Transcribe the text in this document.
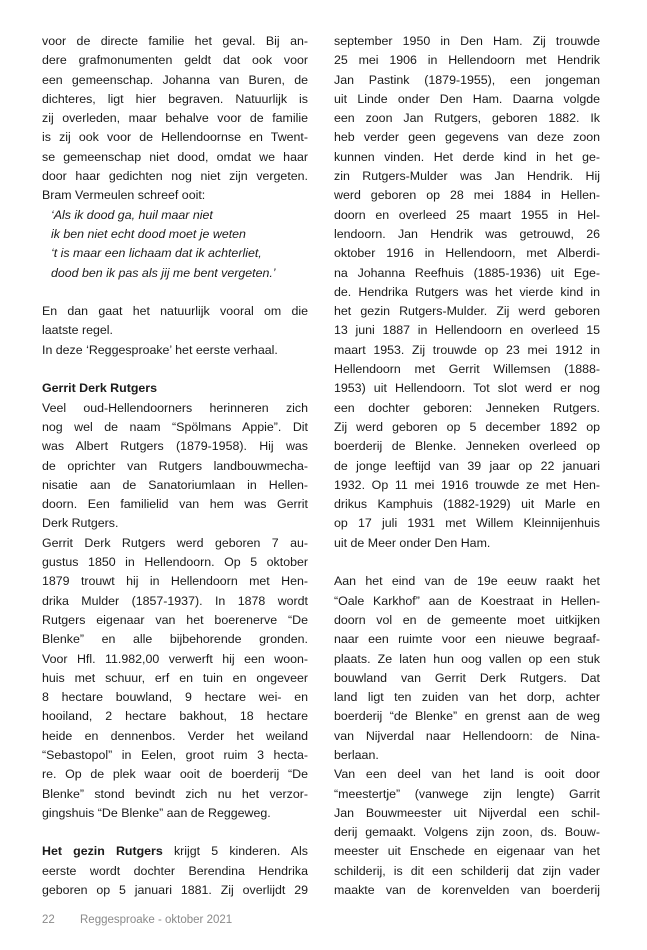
voor de directe familie het geval. Bij an-
dere grafmonumenten geldt dat ook voor
een gemeenschap. Johanna van Buren, de
dichteres, ligt hier begraven. Natuurlijk is
zij overleden, maar behalve voor de familie
is zij ook voor de Hellendoornse en Twent-
se gemeenschap niet dood, omdat we haar
door haar gedichten nog niet zijn vergeten.
Bram Vermeulen schreef ooit:
‘Als ik dood ga, huil maar niet
ik ben niet echt dood moet je weten
‘t is maar een lichaam dat ik achterliet,
dood ben ik pas als jij me bent vergeten.’
En dan gaat het natuurlijk vooral om die
laatste regel.
In deze ‘Reggesproake’ het eerste verhaal.
Gerrit Derk Rutgers
Veel oud-Hellendoorners herinneren zich
nog wel de naam “Spölmans Appie”. Dit
was Albert Rutgers (1879-1958). Hij was
de oprichter van Rutgers landbouwmecha-
nisatie aan de Sanatoriumlaan in Hellen-
doorn. Een familielid van hem was Gerrit
Derk Rutgers.
Gerrit Derk Rutgers werd geboren 7 au-
gustus 1850 in Hellendoorn. Op 5 oktober
1879 trouwt hij in Hellendoorn met Hen-
drika Mulder (1857-1937). In 1878 wordt
Rutgers eigenaar van het boerenerve “De
Blenke” en alle bijbehorende gronden.
Voor Hfl. 11.982,00 verwerft hij een woon-
huis met schuur, erf en tuin en ongeveer
8 hectare bouwland, 9 hectare wei- en
hooiland, 2 hectare bakhout, 18 hectare
heide en dennenbos. Verder het weiland
“Sebastopol” in Eelen, groot ruim 3 hecta-
re. Op de plek waar ooit de boerderij “De
Blenke” stond bevindt zich nu het verzor-
gingshuis “De Blenke” aan de Reggeweg.
Het gezin Rutgers krijgt 5 kinderen. Als
eerste wordt dochter Berendina Hendrika
geboren op 5 januari 1881. Zij overlijdt 29
september 1950 in Den Ham. Zij trouwde
25 mei 1906 in Hellendoorn met Hendrik
Jan Pastink (1879-1955), een jongeman
uit Linde onder Den Ham. Daarna volgde
een zoon Jan Rutgers, geboren 1882. Ik
heb verder geen gegevens van deze zoon
kunnen vinden. Het derde kind in het ge-
zin Rutgers-Mulder was Jan Hendrik. Hij
werd geboren op 28 mei 1884 in Hellen-
doorn en overleed 25 maart 1955 in Hel-
lendoorn. Jan Hendrik was getrouwd, 26
oktober 1916 in Hellendoorn, met Alberdi-
na Johanna Reefhuis (1885-1936) uit Ege-
de. Hendrika Rutgers was het vierde kind in
het gezin Rutgers-Mulder. Zij werd geboren
13 juni 1887 in Hellendoorn en overleed 15
maart 1953. Zij trouwde op 23 mei 1912 in
Hellendoorn met Gerrit Willemsen (1888-
1953) uit Hellendoorn. Tot slot werd er nog
een dochter geboren: Jenneken Rutgers.
Zij werd geboren op 5 december 1892 op
boerderij de Blenke. Jenneken overleed op
de jonge leeftijd van 39 jaar op 22 januari
1932. Op 11 mei 1916 trouwde ze met Hen-
drikus Kamphuis (1882-1929) uit Marle en
op 17 juli 1931 met Willem Kleinnijenhuis
uit de Meer onder Den Ham.
Aan het eind van de 19e eeuw raakt het
“Oale Karkhof” aan de Koestraat in Hellen-
doorn vol en de gemeente moet uitkijken
naar een ruimte voor een nieuwe begraaf-
plaats. Ze laten hun oog vallen op een stuk
bouwland van Gerrit Derk Rutgers. Dat
land ligt ten zuiden van het dorp, achter
boerderij “de Blenke” en grenst aan de weg
van Nijverdal naar Hellendoorn: de Nina-
berlaan.
Van een deel van het land is ooit door
“meestertje” (vanwege zijn lengte) Garrit
Jan Bouwmeester uit Nijverdal een schil-
derij gemaakt. Volgens zijn zoon, ds. Bouw-
meester uit Enschede en eigenaar van het
schilderij, is dit een schilderij dat zijn vader
maakte van de korenvelden van boerderij
22 Reggesproake - oktober 2021
